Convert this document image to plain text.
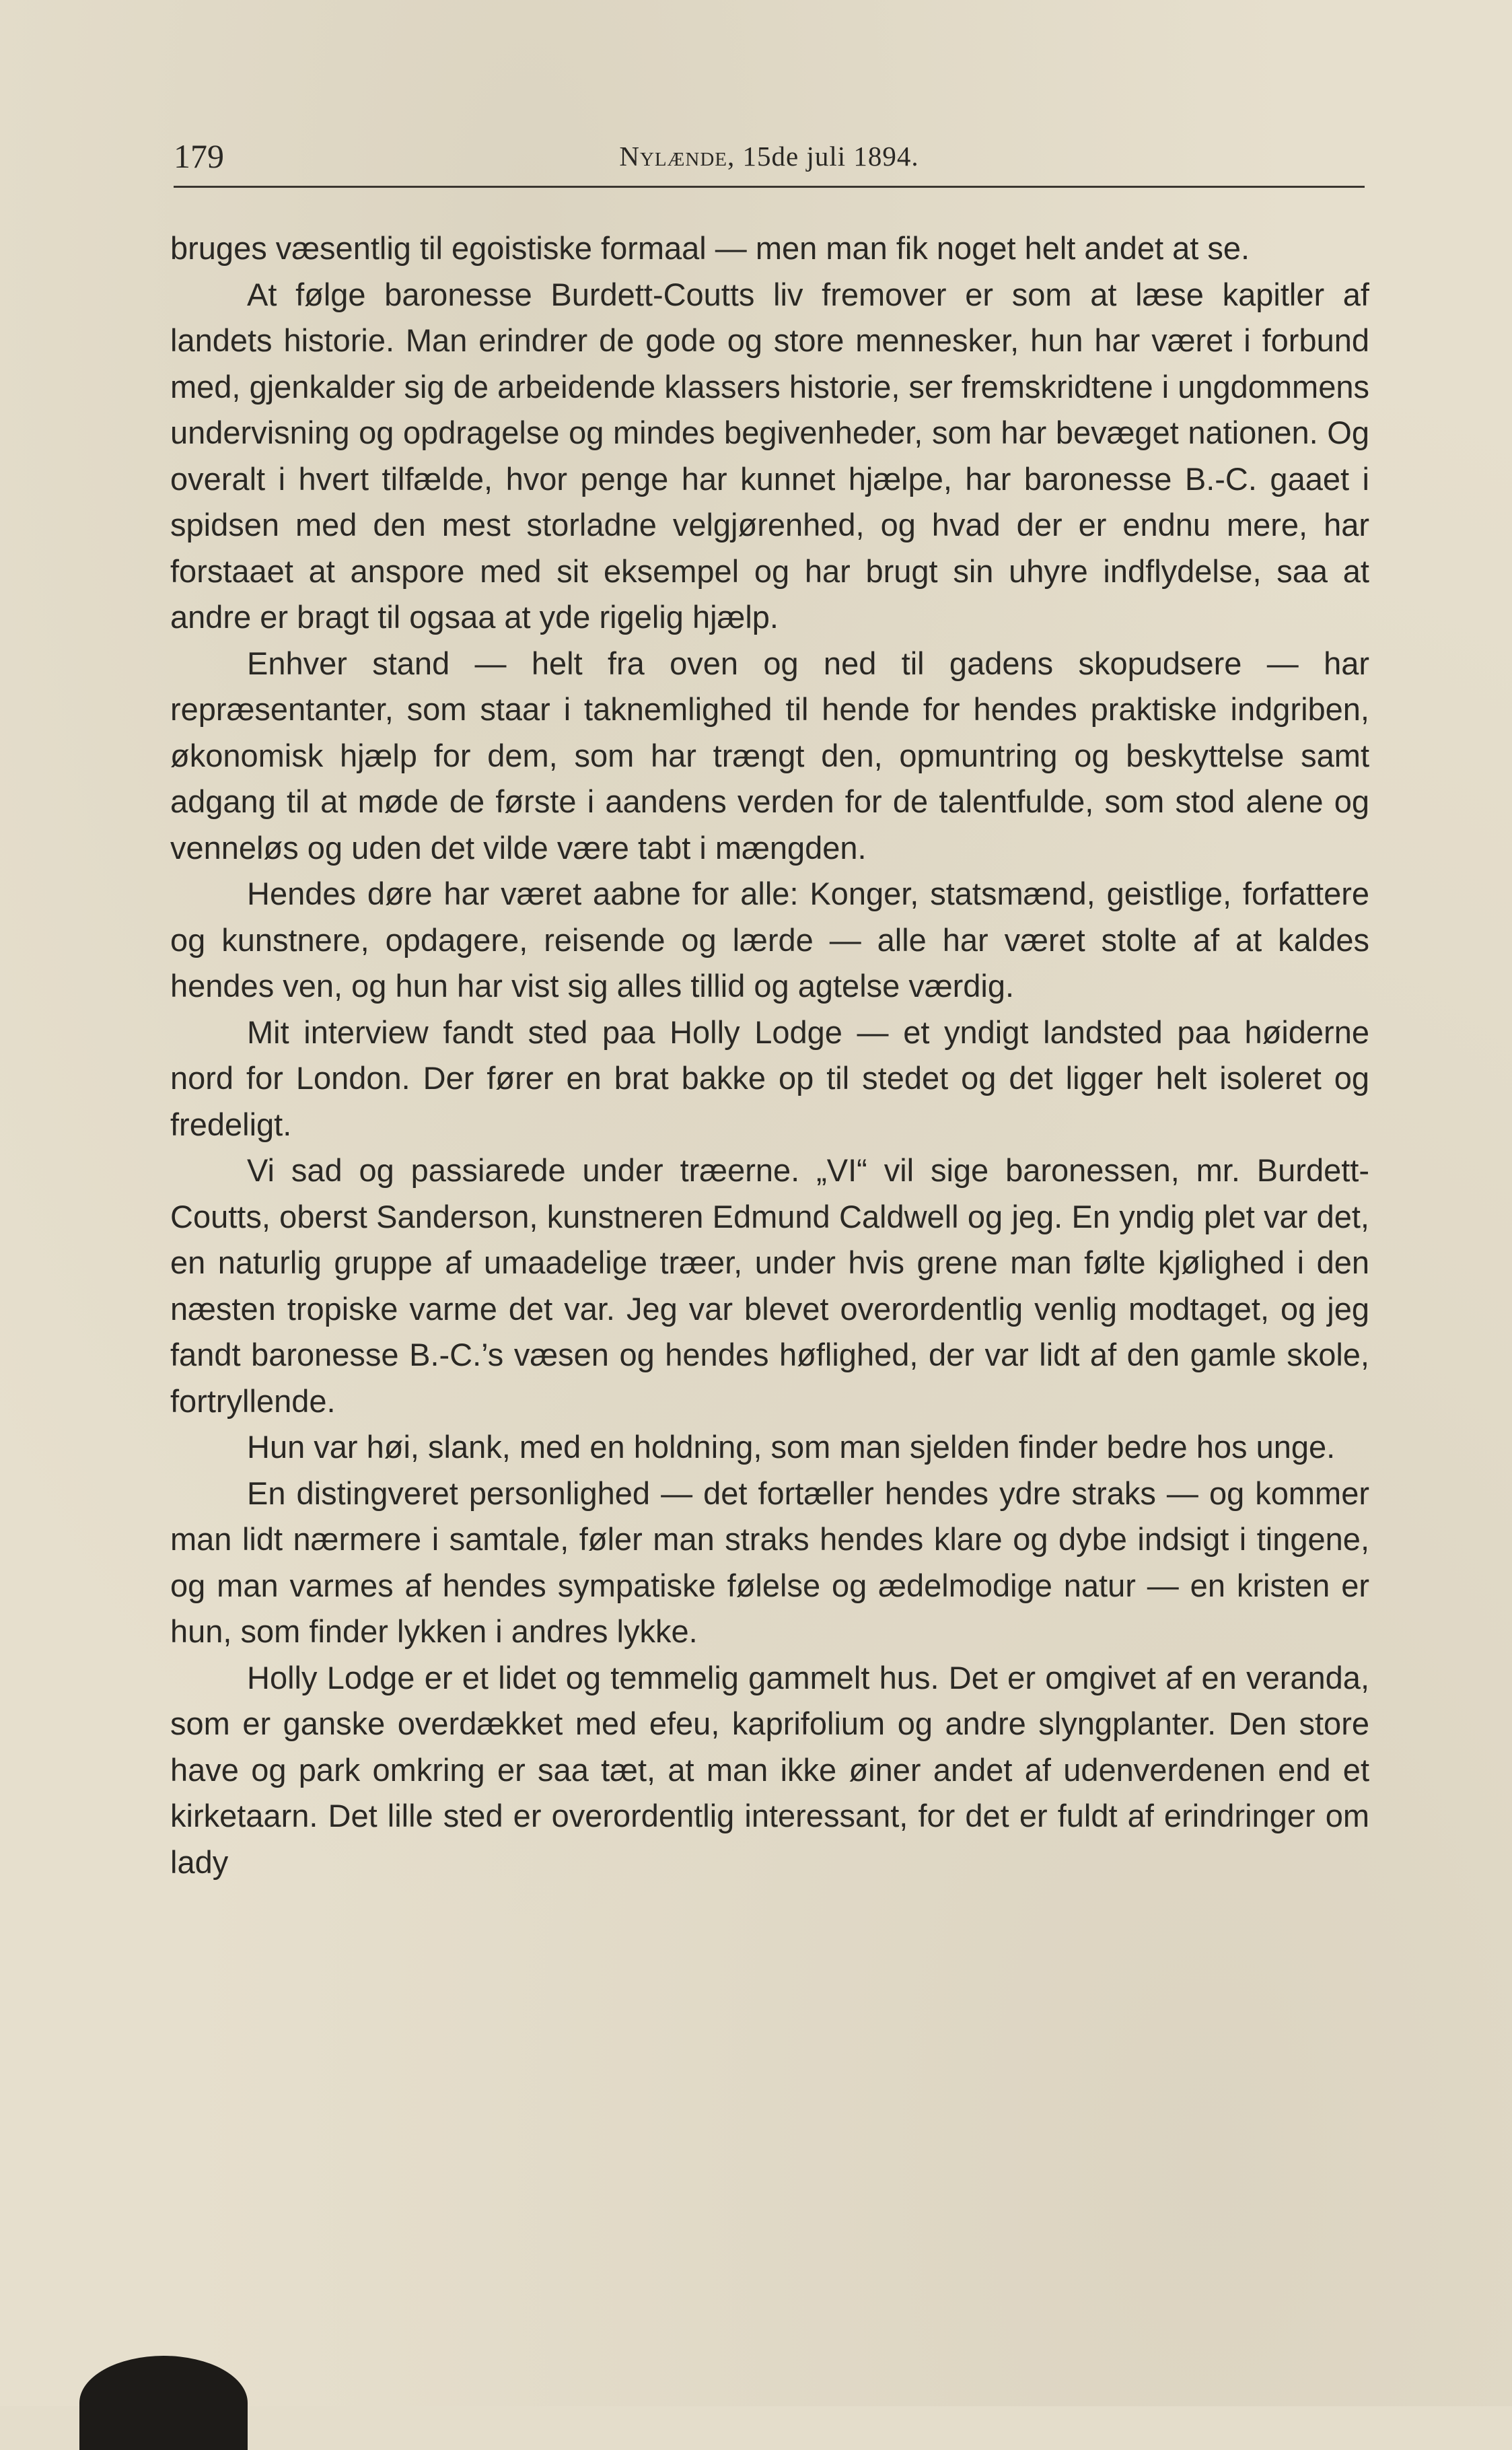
179	Nylænde, 15de juli 1894.

bruges væsentlig til egoistiske formaal — men man fik noget helt andet at se.

At følge baronesse Burdett-Coutts liv fremover er som at læse kapitler af landets historie. Man erindrer de gode og store mennesker, hun har været i forbund med, gjenkalder sig de arbeidende klassers historie, ser fremskridtene i ungdommens undervisning og opdragelse og mindes begivenheder, som har bevæget nationen. Og overalt i hvert tilfælde, hvor penge har kunnet hjælpe, har baronesse B.-C. gaaet i spidsen med den mest storladne velgjørenhed, og hvad der er endnu mere, har forstaaet at anspore med sit eksempel og har brugt sin uhyre indflydelse, saa at andre er bragt til ogsaa at yde rigelig hjælp.

Enhver stand — helt fra oven og ned til gadens skopudsere — har repræsentanter, som staar i taknemlighed til hende for hendes praktiske indgriben, økonomisk hjælp for dem, som har trængt den, opmuntring og beskyttelse samt adgang til at møde de første i aandens verden for de talentfulde, som stod alene og venneløs og uden det vilde være tabt i mængden.

Hendes døre har været aabne for alle: Konger, statsmænd, geistlige, forfattere og kunstnere, opdagere, reisende og lærde — alle har været stolte af at kaldes hendes ven, og hun har vist sig alles tillid og agtelse værdig.

Mit interview fandt sted paa Holly Lodge — et yndigt landsted paa høiderne nord for London. Der fører en brat bakke op til stedet og det ligger helt isoleret og fredeligt.

Vi sad og passiarede under træerne. „VI“ vil sige baronessen, mr. Burdett-Coutts, oberst Sanderson, kunstneren Edmund Caldwell og jeg. En yndig plet var det, en naturlig gruppe af umaadelige træer, under hvis grene man følte kjølighed i den næsten tropiske varme det var. Jeg var blevet overordentlig venlig modtaget, og jeg fandt baronesse B.-C.’s væsen og hendes høflighed, der var lidt af den gamle skole, fortryllende.

Hun var høi, slank, med en holdning, som man sjelden finder bedre hos unge.

En distingveret personlighed — det fortæller hendes ydre straks — og kommer man lidt nærmere i samtale, føler man straks hendes klare og dybe indsigt i tingene, og man varmes af hendes sympatiske følelse og ædelmodige natur — en kristen er hun, som finder lykken i andres lykke.

Holly Lodge er et lidet og temmelig gammelt hus. Det er omgivet af en veranda, som er ganske overdækket med efeu, kaprifolium og andre slyngplanter. Den store have og park omkring er saa tæt, at man ikke øiner andet af udenverdenen end et kirketaarn. Det lille sted er overordentlig interessant, for det er fuldt af erindringer om lady
